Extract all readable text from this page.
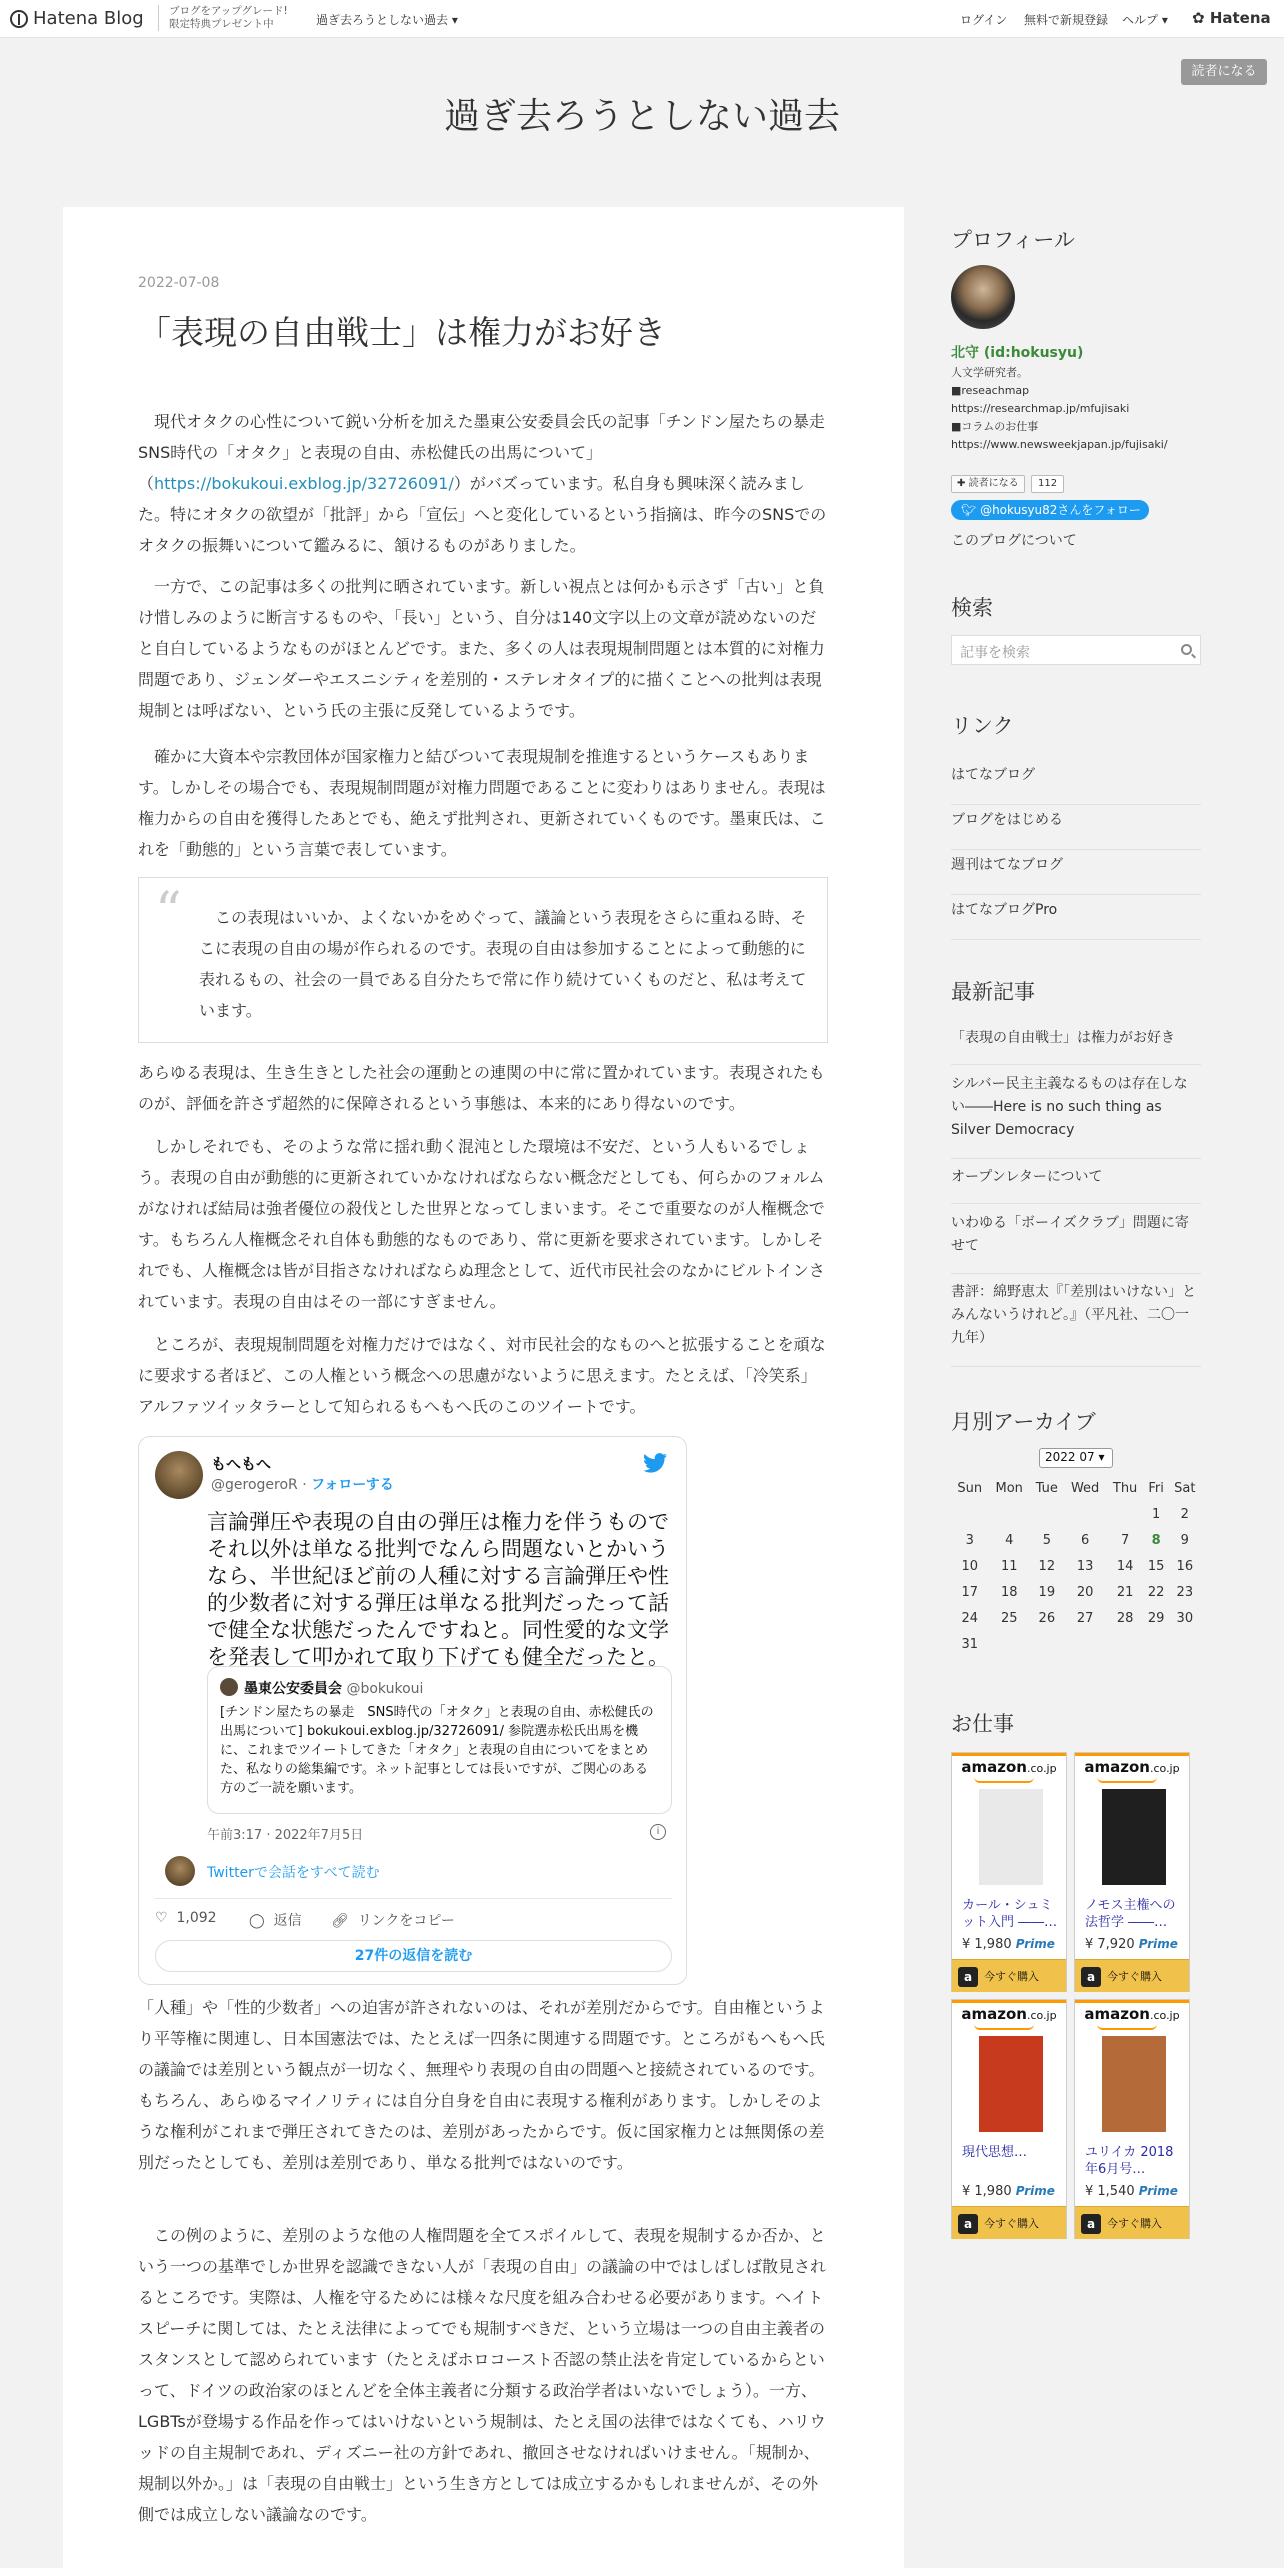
Hatena Blog ブログをアップグレード!
限定特典プレゼント中	過ぎ去ろうとしない過去 ▾	ログイン 無料で新規登録 ヘルプ ▾ ✿ Hatena
読者になる
過ぎ去ろうとしない過去
2022-07-08
「表現の自由戦士」は権力がお好き

現代オタクの心性について鋭い分析を加えた墨東公安委員会氏の記事「チンドン屋たちの暴走　SNS時代の「オタク」と表現の自由、赤松健氏の出馬について」（https://bokukoui.exblog.jp/32726091/）がバズっています。私自身も興味深く読みました。特にオタクの欲望が「批評」から「宣伝」へと変化しているという指摘は、昨今のSNSでのオタクの振舞いについて鑑みるに、頷けるものがありました。

一方で、この記事は多くの批判に晒されています。新しい視点とは何かも示さず「古い」と負け惜しみのように断言するものや、「長い」という、自分は140文字以上の文章が読めないのだと自白しているようなものがほとんどです。また、多くの人は表現規制問題とは本質的に対権力問題であり、ジェンダーやエスニシティを差別的・ステレオタイプ的に描くことへの批判は表現規制とは呼ばない、という氏の主張に反発しているようです。

確かに大資本や宗教団体が国家権力と結びついて表現規制を推進するというケースもあります。しかしその場合でも、表現規制問題が対権力問題であることに変わりはありません。表現は権力からの自由を獲得したあとでも、絶えず批判され、更新されていくものです。墨東氏は、これを「動態的」という言葉で表しています。

“	この表現はいいか、よくないかをめぐって、議論という表現をさらに重ねる時、そこに表現の自由の場が作られるのです。表現の自由は参加することによって動態的に表れるもの、社会の一員である自分たちで常に作り続けていくものだと、私は考えています。

あらゆる表現は、生き生きとした社会の運動との連関の中に常に置かれています。表現されたものが、評価を許さず超然的に保障されるという事態は、本来的にあり得ないのです。

しかしそれでも、そのような常に揺れ動く混沌とした環境は不安だ、という人もいるでしょう。表現の自由が動態的に更新されていかなければならない概念だとしても、何らかのフォルムがなければ結局は強者優位の殺伐とした世界となってしまいます。そこで重要なのが人権概念です。もちろん人権概念それ自体も動態的なものであり、常に更新を要求されています。しかしそれでも、人権概念は皆が目指さなければならぬ理念として、近代市民社会のなかにビルトインされています。表現の自由はその一部にすぎません。

ところが、表現規制問題を対権力だけではなく、対市民社会的なものへと拡張することを頑なに要求する者ほど、この人権という概念への思慮がないように思えます。たとえば、「冷笑系」アルファツイッタラーとして知られるもへもへ氏のこのツイートです。

もへもへ
@gerogeroR · フォローする
言論弾圧や表現の自由の弾圧は権力を伴うものでそれ以外は単なる批判でなんら問題ないとかいうなら、半世紀ほど前の人種に対する言論弾圧や性的少数者に対する弾圧は単なる批判だったって話で健全な状態だったんですねと。同性愛的な文学を発表して叩かれて取り下げても健全だったと。
墨東公安委員会 @bokukoui
[チンドン屋たちの暴走　SNS時代の「オタク」と表現の自由、赤松健氏の出馬について] bokukoui.exblog.jp/32726091/ 参院選赤松氏出馬を機に、これまでツイートしてきた「オタク」と表現の自由についてをまとめた、私なりの総集編です。ネット記事としては長いですが、ご関心のある方のご一読を願います。
午前3:17 · 2022年7月5日	i
Twitterで会話をすべて読む
♡ 1,092 ◯ 返信 🔗︎ リンクをコピー
27件の返信を読む

「人種」や「性的少数者」への迫害が許されないのは、それが差別だからです。自由権というより平等権に関連し、日本国憲法では、たとえば一四条に関連する問題です。ところがもへもへ氏の議論では差別という観点が一切なく、無理やり表現の自由の問題へと接続されているのです。もちろん、あらゆるマイノリティには自分自身を自由に表現する権利があります。しかしそのような権利がこれまで弾圧されてきたのは、差別があったからです。仮に国家権力とは無関係の差別だったとしても、差別は差別であり、単なる批判ではないのです。

この例のように、差別のような他の人権問題を全てスポイルして、表現を規制するか否か、という一つの基準でしか世界を認識できない人が「表現の自由」の議論の中ではしばしば散見されるところです。実際は、人権を守るためには様々な尺度を組み合わせる必要があります。ヘイトスピーチに関しては、たとえ法律によってでも規制すべきだ、という立場は一つの自由主義者のスタンスとして認められています（たとえばホロコースト否認の禁止法を肯定しているからといって、ドイツの政治家のほとんどを全体主義者に分類する政治学者はいないでしょう）。一方、LGBTsが登場する作品を作ってはいけないという規制は、たとえ国の法律ではなくても、ハリウッドの自主規制であれ、ディズニー社の方針であれ、撤回させなければいけません。「規制か、規制以外か。」は「表現の自由戦士」という生き方としては成立するかもしれませんが、その外側では成立しない議論なのです。

プロフィール
北守 (id:hokusyu)
人文学研究者。
■reseachmap
https://researchmap.jp/mfujisaki
■コラムのお仕事
https://www.newsweekjapan.jp/fujisaki/
✚ 読者になる	112
🐦︎ @hokusyu82さんをフォロー
このブログについて
検索
記事を検索
リンク
はてなブログ
ブログをはじめる
週刊はてなブログ
はてなブログPro
最新記事
「表現の自由戦士」は権力がお好き
シルバー民主主義なるものは存在しない――Here is no such thing as Silver Democracy
オープンレターについて
いわゆる「ボーイズクラブ」問題に寄せて
書評：綿野恵太『「差別はいけない」とみんないうけれど。』（平凡社、二〇一九年）
月別アーカイブ
2022 07 ▾
Sun	Mon	Tue	Wed	Thu	Fri	Sat
					1	2
3	4	5	6	7	8	9
10	11	12	13	14	15	16
17	18	19	20	21	22	23
24	25	26	27	28	29	30
31						
お仕事
amazon.co.jp
カール・シュミット入門 ――…
¥ 1,980 Prime
a	今すぐ購入
amazon.co.jp
ノモス主権への法哲学 ――…
¥ 7,920 Prime
a	今すぐ購入
amazon.co.jp
現代思想…
¥ 1,980 Prime
a	今すぐ購入
amazon.co.jp
ユリイカ 2018年6月号…
¥ 1,540 Prime
a	今すぐ購入
